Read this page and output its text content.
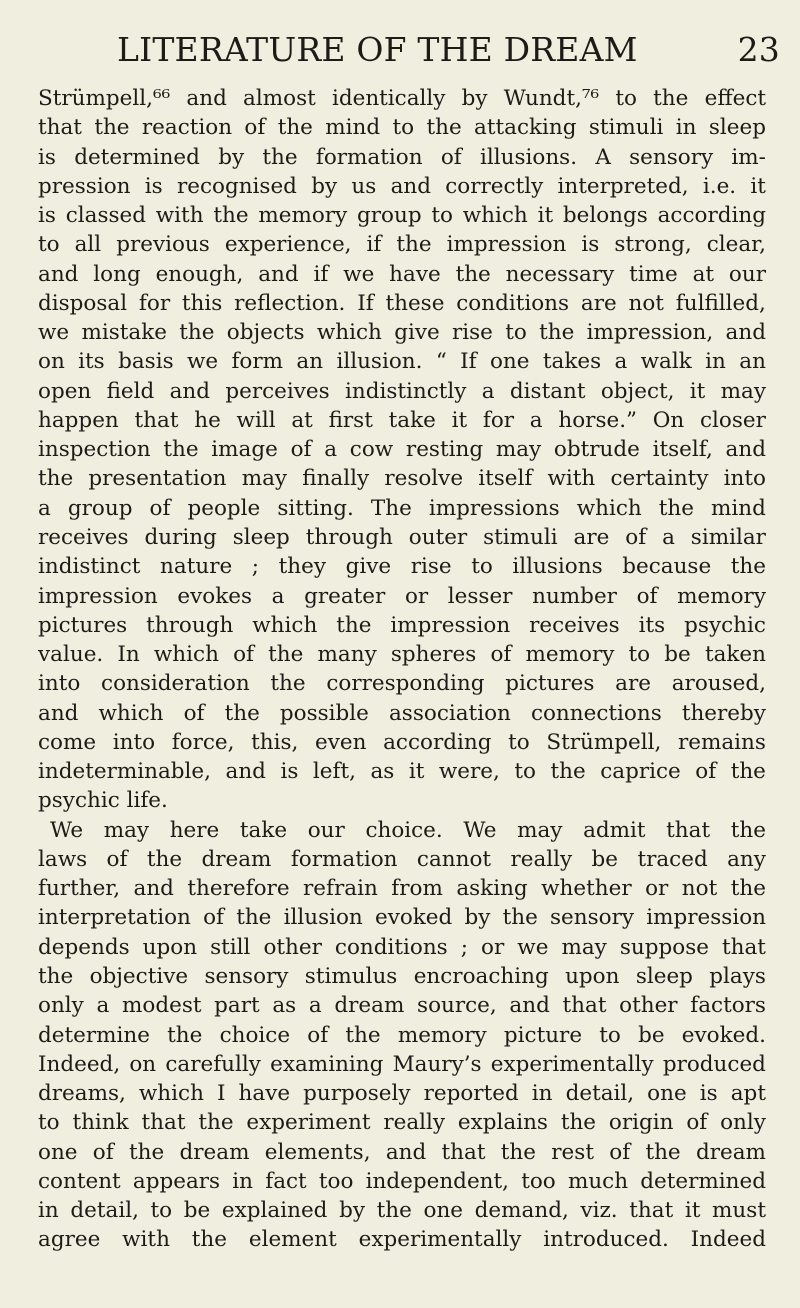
LITERATURE OF THE DREAM	23
Strümpell,⁶⁶ and almost identically by Wundt,⁷⁶ to the effect
that the reaction of the mind to the attacking stimuli in sleep
is determined by the formation of illusions. A sensory im-
pression is recognised by us and correctly interpreted, i.e. it
is classed with the memory group to which it belongs according
to all previous experience, if the impression is strong, clear,
and long enough, and if we have the necessary time at our
disposal for this reflection. If these conditions are not fulfilled,
we mistake the objects which give rise to the impression, and
on its basis we form an illusion. “ If one takes a walk in an
open field and perceives indistinctly a distant object, it may
happen that he will at first take it for a horse.” On closer
inspection the image of a cow resting may obtrude itself, and
the presentation may finally resolve itself with certainty into
a group of people sitting. The impressions which the mind
receives during sleep through outer stimuli are of a similar
indistinct nature ; they give rise to illusions because the
impression evokes a greater or lesser number of memory
pictures through which the impression receives its psychic
value. In which of the many spheres of memory to be taken
into consideration the corresponding pictures are aroused,
and which of the possible association connections thereby
come into force, this, even according to Strümpell, remains
indeterminable, and is left, as it were, to the caprice of the
psychic life.
We may here take our choice. We may admit that the
laws of the dream formation cannot really be traced any
further, and therefore refrain from asking whether or not the
interpretation of the illusion evoked by the sensory impression
depends upon still other conditions ; or we may suppose that
the objective sensory stimulus encroaching upon sleep plays
only a modest part as a dream source, and that other factors
determine the choice of the memory picture to be evoked.
Indeed, on carefully examining Maury’s experimentally produced
dreams, which I have purposely reported in detail, one is apt
to think that the experiment really explains the origin of only
one of the dream elements, and that the rest of the dream
content appears in fact too independent, too much determined
in detail, to be explained by the one demand, viz. that it must
agree with the element experimentally introduced. Indeed
